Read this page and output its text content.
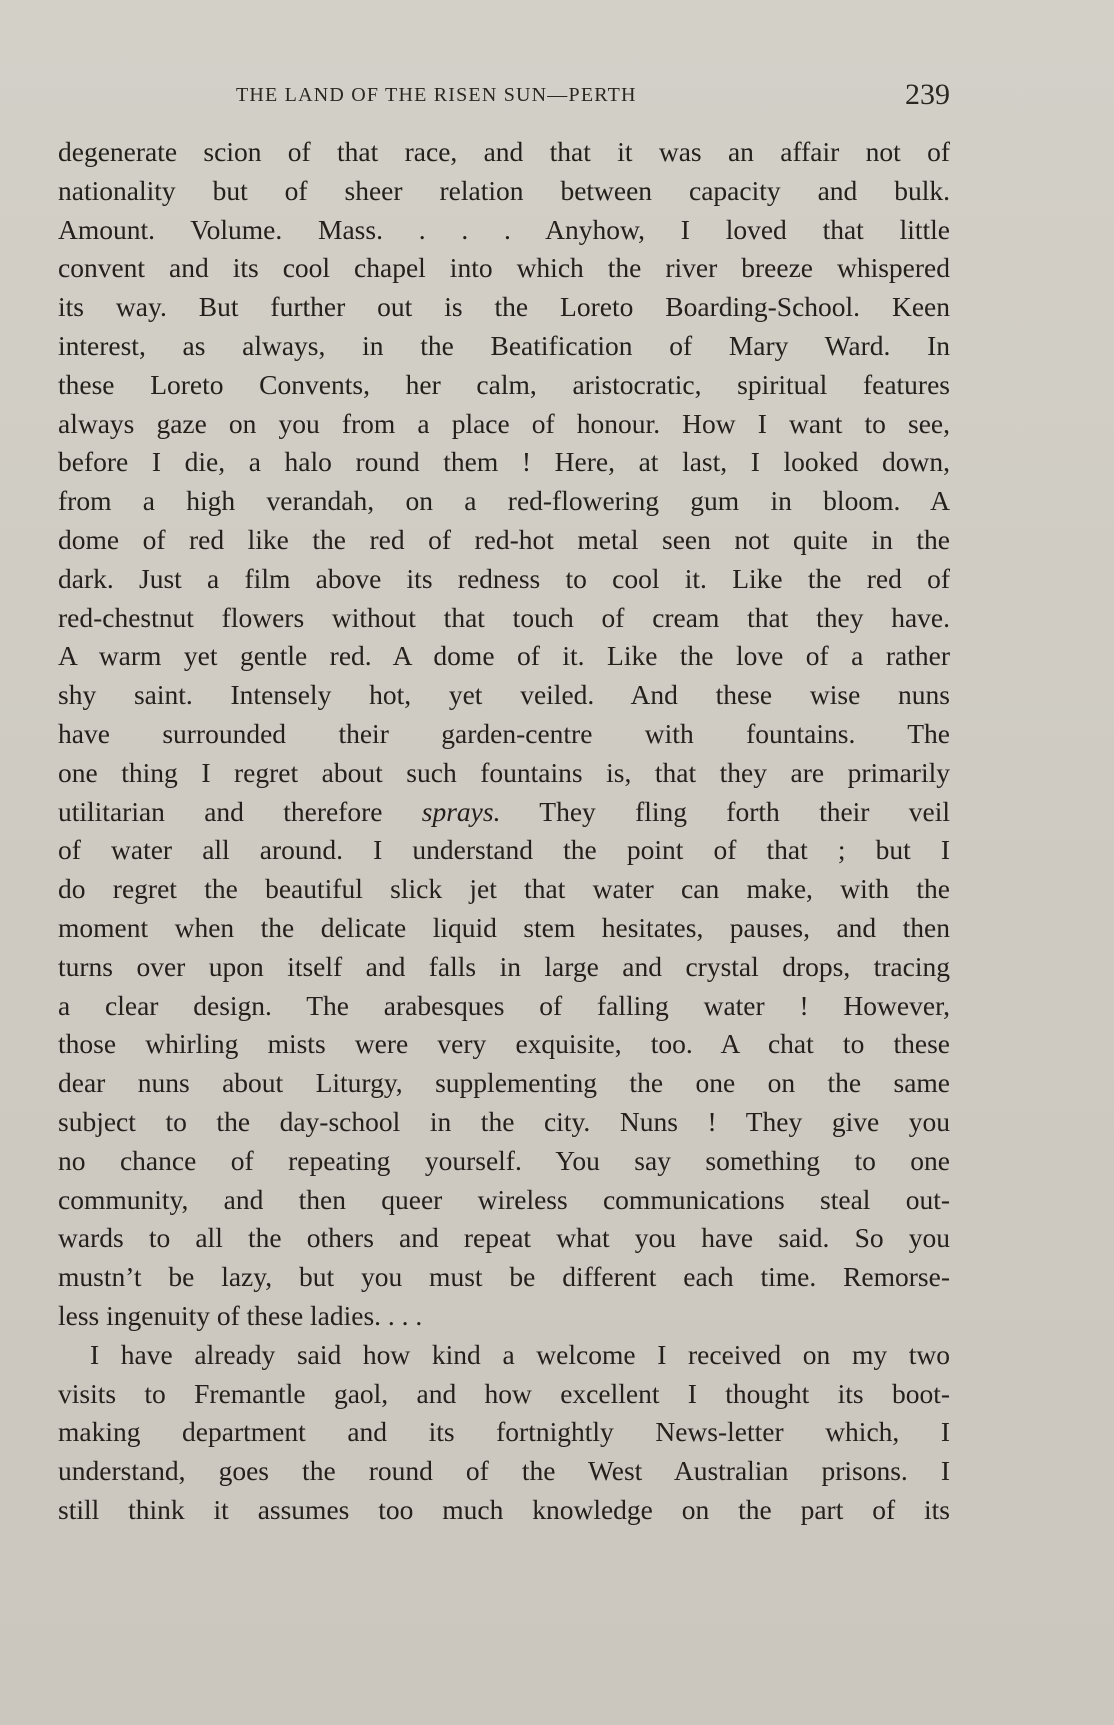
THE LAND OF THE RISEN SUN—PERTH	239
degenerate scion of that race, and that it was an affair not of
nationality but of sheer relation between capacity and bulk.
Amount. Volume. Mass. . . . Anyhow, I loved that little
convent and its cool chapel into which the river breeze whispered
its way. But further out is the Loreto Boarding-School. Keen
interest, as always, in the Beatification of Mary Ward. In
these Loreto Convents, her calm, aristocratic, spiritual features
always gaze on you from a place of honour. How I want to see,
before I die, a halo round them ! Here, at last, I looked down,
from a high verandah, on a red-flowering gum in bloom. A
dome of red like the red of red-hot metal seen not quite in the
dark. Just a film above its redness to cool it. Like the red of
red-chestnut flowers without that touch of cream that they have.
A warm yet gentle red. A dome of it. Like the love of a rather
shy saint. Intensely hot, yet veiled. And these wise nuns
have surrounded their garden-centre with fountains. The
one thing I regret about such fountains is, that they are primarily
utilitarian and therefore sprays. They fling forth their veil
of water all around. I understand the point of that ; but I
do regret the beautiful slick jet that water can make, with the
moment when the delicate liquid stem hesitates, pauses, and then
turns over upon itself and falls in large and crystal drops, tracing
a clear design. The arabesques of falling water ! However,
those whirling mists were very exquisite, too. A chat to these
dear nuns about Liturgy, supplementing the one on the same
subject to the day-school in the city. Nuns ! They give you
no chance of repeating yourself. You say something to one
community, and then queer wireless communications steal out-
wards to all the others and repeat what you have said. So you
mustn’t be lazy, but you must be different each time. Remorse-
less ingenuity of these ladies. . . .
I have already said how kind a welcome I received on my two
visits to Fremantle gaol, and how excellent I thought its boot-
making department and its fortnightly News-letter which, I
understand, goes the round of the West Australian prisons. I
still think it assumes too much knowledge on the part of its
